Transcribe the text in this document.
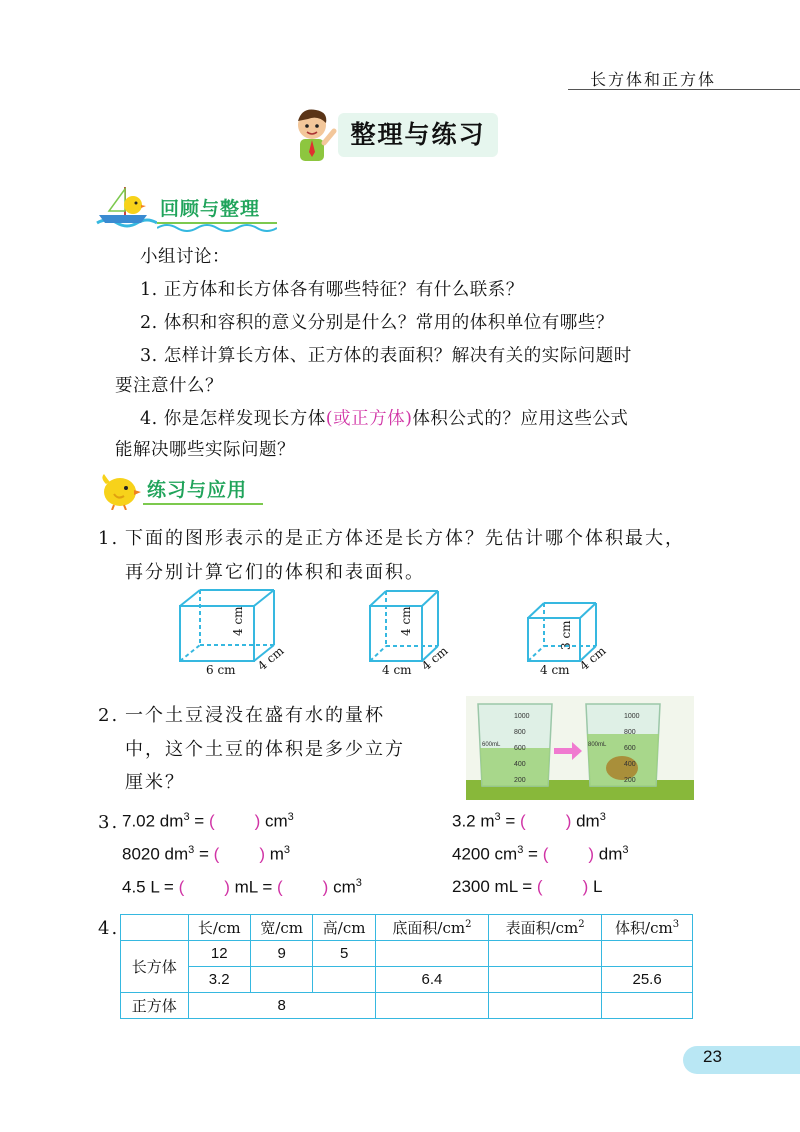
长方体和正方体
整理与练习
回顾与整理
小组讨论：
1. 正方体和长方体各有哪些特征？有什么联系？
2. 体积和容积的意义分别是什么？常用的体积单位有哪些？
3. 怎样计算长方体、正方体的表面积？解决有关的实际问题时
要注意什么？
4. 你是怎样发现长方体(或正方体)体积公式的？应用这些公式
能解决哪些实际问题？
练习与应用
1. 下面的图形表示的是正方体还是长方体？先估计哪个体积最大，
再分别计算它们的体积和表面积。
6 cm
4 cm
4 cm	4 cm
4 cm
4 cm	4 cm
3 cm
4 cm
2. 一个土豆浸没在盛有水的量杯
中，这个土豆的体积是多少立方
厘米？
1000
800
600
400
200
600mL
1000
800
600
400
200
800mL
3. 7.02 $dm^3$ = ( ) $cm^3$	3.2 $m^3$ = ( ) $dm^3$
8020 $dm^3$ = ( ) $m^3$	4200 $cm^3$ = ( ) $dm^3$
4.5 L = ( ) mL = ( ) $cm^3$	2300 mL = ( ) L
4.
		长/cm	宽/cm	高/cm	底面积$/cm^2$	表面积$/cm^2$	体积$/cm^3$
长方体	12	9	5			
	3.2			6.4		25.6
正方体	8					
23
